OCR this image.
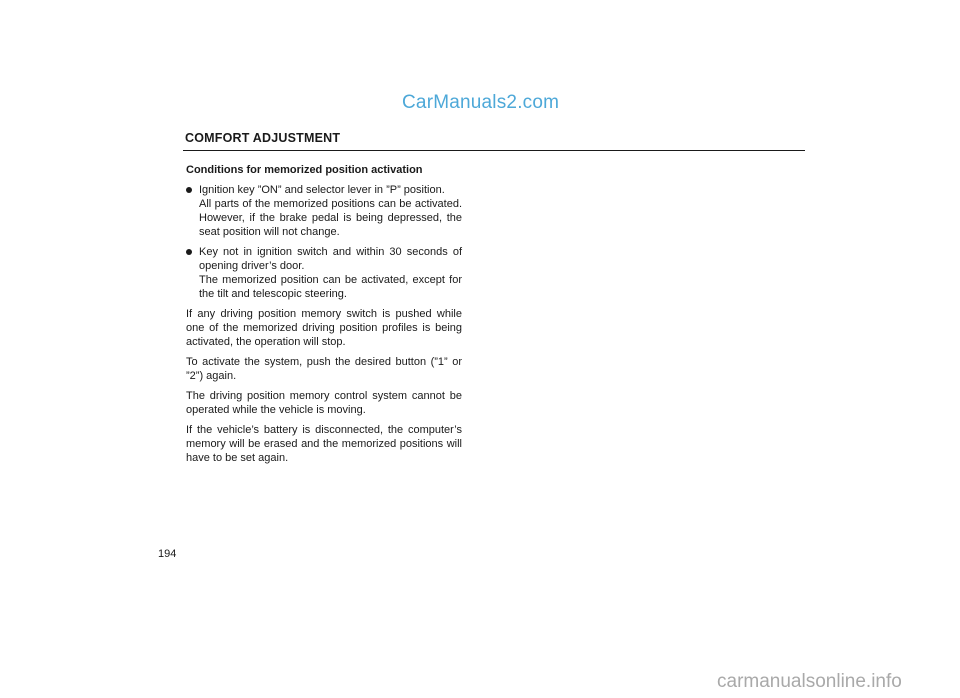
CarManuals2.com
COMFORT ADJUSTMENT
Conditions for memorized position activation

Ignition key ”ON” and selector lever in ”P” position.

All parts of the memorized positions can be activated. However, if the brake pedal is being depressed, the seat position will not change.

Key not in ignition switch and within 30 seconds of opening driver’s door.

The memorized position can be activated, except for the tilt and telescopic steering.

If any driving position memory switch is pushed while one of the memorized driving position profiles is being activated, the operation will stop.

To activate the system, push the desired button (”1” or ”2”) again.

The driving position memory control system cannot be operated while the vehicle is moving.

If the vehicle’s battery is disconnected, the computer’s memory will be erased and the memorized positions will have to be set again.

194
carmanualsonline.info
